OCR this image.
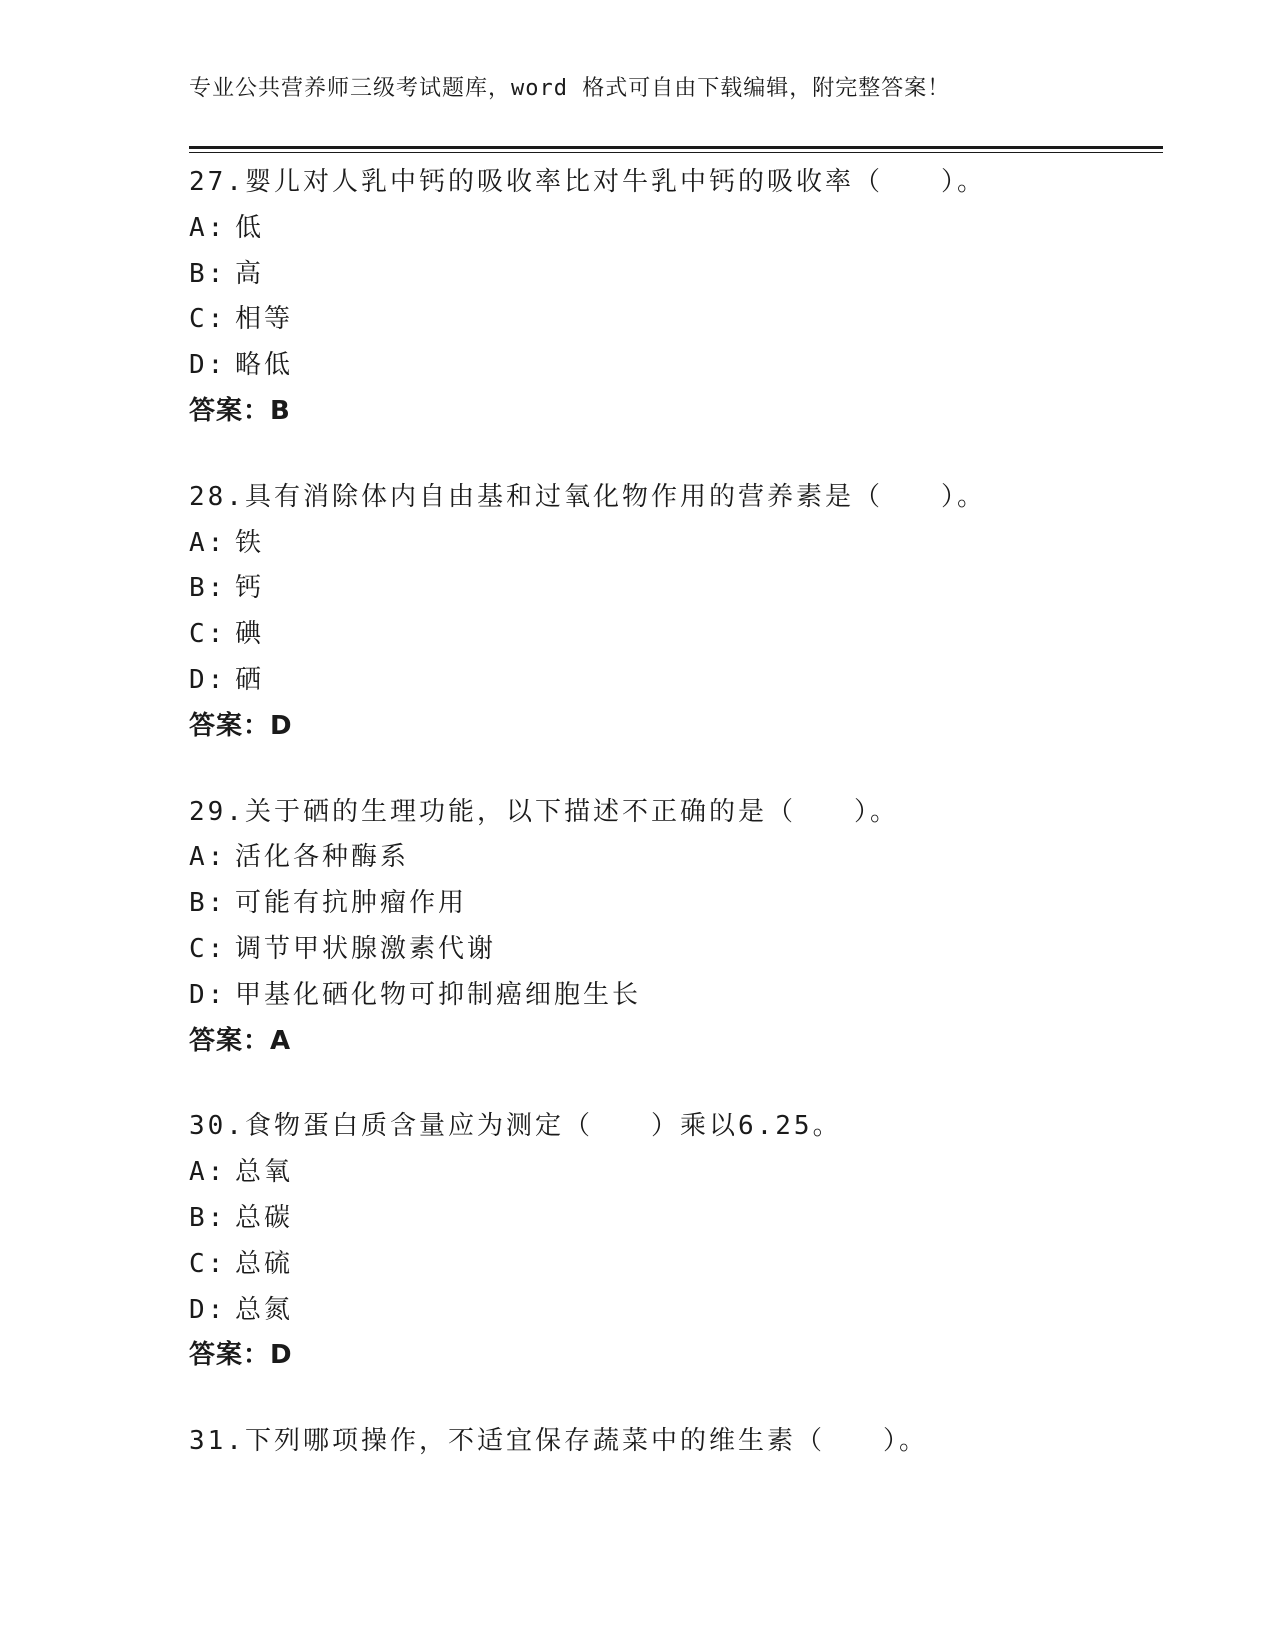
专业公共营养师三级考试题库，word 格式可自由下载编辑，附完整答案！
27.婴儿对人乳中钙的吸收率比对牛乳中钙的吸收率（　　）。
A: 低
B: 高
C: 相等
D: 略低
答案：B
28.具有消除体内自由基和过氧化物作用的营养素是（　　）。
A: 铁
B: 钙
C: 碘
D: 硒
答案：D
29.关于硒的生理功能，以下描述不正确的是（　　）。
A: 活化各种酶系
B: 可能有抗肿瘤作用
C: 调节甲状腺激素代谢
D: 甲基化硒化物可抑制癌细胞生长
答案：A
30.食物蛋白质含量应为测定（　　）乘以6.25。
A: 总氧
B: 总碳
C: 总硫
D: 总氮
答案：D
31.下列哪项操作，不适宜保存蔬菜中的维生素（　　）。
